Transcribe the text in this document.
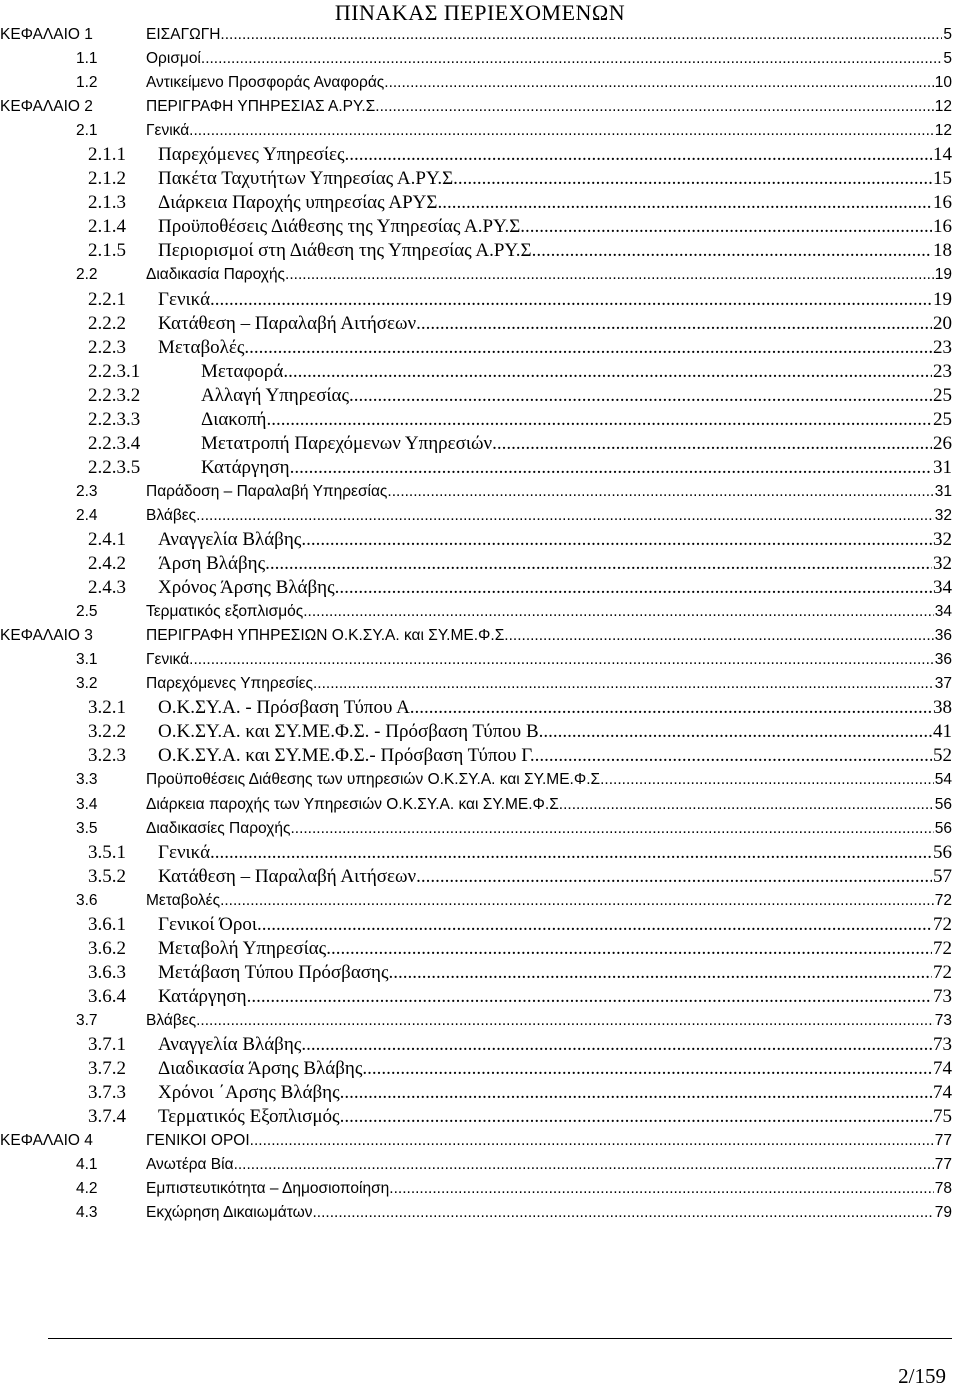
ΠΙΝΑΚΑΣ ΠΕΡΙΕΧΟΜΕΝΩΝ
ΚΕΦΑΛΑΙΟ 1	ΕΙΣΑΓΩΓΗ .....	5
1.1	Ορισμοί. .....	5
1.2	Αντικείμενο Προσφοράς Αναφοράς .....	10
ΚΕΦΑΛΑΙΟ 2	ΠΕΡΙΓΡΑΦΗ ΥΠΗΡΕΣΙΑΣ Α.ΡΥ.Σ. .....	12
2.1	Γενικά .....	12
2.1.1	Παρεχόμενες Υπηρεσίες .....	14
2.1.2	Πακέτα Ταχυτήτων Υπηρεσίας Α.ΡΥ.Σ. .....	15
2.1.3	Διάρκεια Παροχής υπηρεσίας ΑΡΥΣ .....	16
2.1.4	Προϋποθέσεις Διάθεσης της Υπηρεσίας Α.ΡΥ.Σ. .....	16
2.1.5	Περιορισμοί στη Διάθεση της Υπηρεσίας Α.ΡΥ.Σ. .....	18
2.2	Διαδικασία Παροχής .....	19
2.2.1	Γενικά .....	19
2.2.2	Κατάθεση – Παραλαβή Αιτήσεων .....	20
2.2.3	Μεταβολές .....	23
2.2.3.1	Μεταφορά .....	23
2.2.3.2	Αλλαγή Υπηρεσίας .....	25
2.2.3.3	Διακοπή .....	25
2.2.3.4	Μετατροπή Παρεχόμενων Υπηρεσιών .....	26
2.2.3.5	Κατάργηση .....	31
2.3	Παράδοση – Παραλαβή Υπηρεσίας. .....	31
2.4	Βλάβες .....	32
2.4.1	Αναγγελία Βλάβης .....	32
2.4.2	Άρση Βλάβης .....	32
2.4.3	Χρόνος Άρσης Βλάβης .....	34
2.5	Τερματικός εξοπλισμός .....	34
ΚΕΦΑΛΑΙΟ 3	ΠΕΡΙΓΡΑΦΗ ΥΠΗΡΕΣΙΩΝ Ο.Κ.ΣΥ.Α. και ΣΥ.ΜΕ.Φ.Σ. .....	36
3.1	Γενικά .....	36
3.2	Παρεχόμενες Υπηρεσίες .....	37
3.2.1	Ο.Κ.ΣΥ.Α. - Πρόσβαση Τύπου Α .....	38
3.2.2	Ο.Κ.ΣΥ.Α. και ΣΥ.ΜΕ.Φ.Σ. - Πρόσβαση Τύπου Β .....	41
3.2.3	Ο.Κ.ΣΥ.Α. και ΣΥ.ΜΕ.Φ.Σ.- Πρόσβαση Τύπου Γ. .....	52
3.3	Προϋποθέσεις Διάθεσης των υπηρεσιών Ο.Κ.ΣΥ.Α. και ΣΥ.ΜΕ.Φ.Σ. .....	54
3.4	Διάρκεια παροχής των Υπηρεσιών Ο.Κ.ΣΥ.Α. και ΣΥ.ΜΕ.Φ.Σ. .....	56
3.5	Διαδικασίες Παροχής .....	56
3.5.1	Γενικά .....	56
3.5.2	Κατάθεση – Παραλαβή Αιτήσεων .....	57
3.6	Μεταβολές .....	72
3.6.1	Γενικοί Όροι .....	72
3.6.2	Μεταβολή Υπηρεσίας .....	72
3.6.3	Μετάβαση Τύπου Πρόσβασης .....	72
3.6.4	Κατάργηση .....	73
3.7	Βλάβες .....	73
3.7.1	Αναγγελία Βλάβης .....	73
3.7.2	Διαδικασία Άρσης Βλάβης .....	74
3.7.3	Χρόνοι ΄Αρσης Βλάβης .....	74
3.7.4	Τερματικός Εξοπλισμός .....	75
ΚΕΦΑΛΑΙΟ 4	ΓΕΝΙΚΟΙ ΟΡΟΙ .....	77
4.1	Ανωτέρα Βία .....	77
4.2	Εμπιστευτικότητα – Δημοσιοποίηση .....	78
4.3	Εκχώρηση Δικαιωμάτων .....	79
2/159
